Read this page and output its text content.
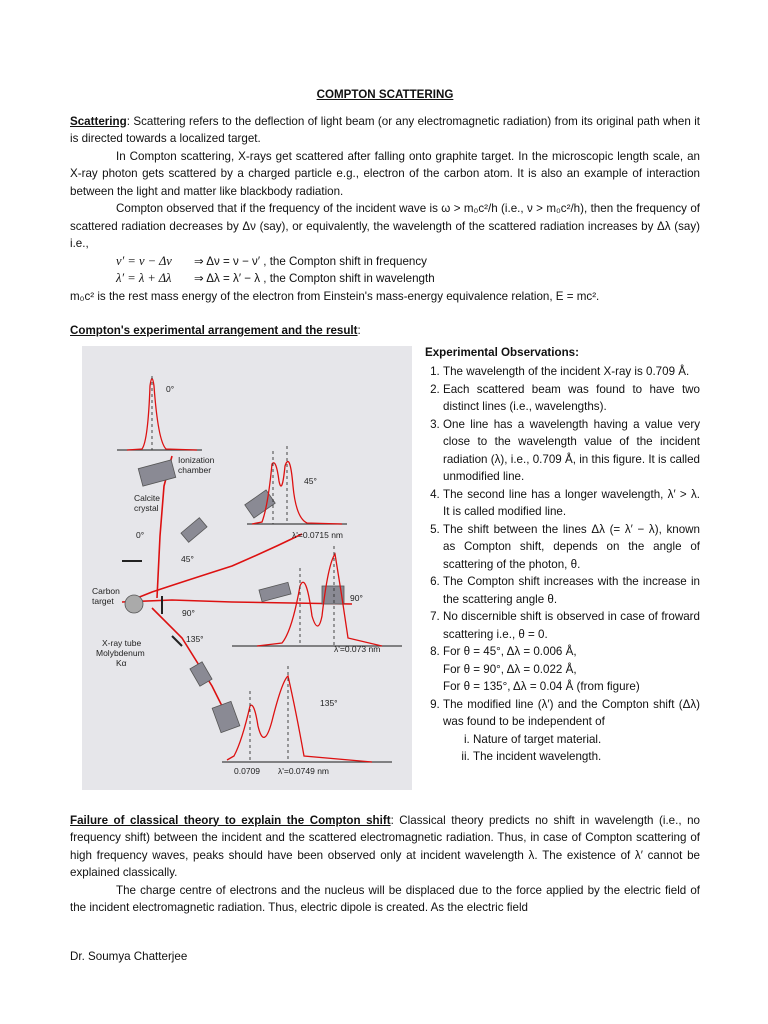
COMPTON SCATTERING

Scattering: Scattering refers to the deflection of light beam (or any electromagnetic radiation) from its original path when it is directed towards a localized target.

In Compton scattering, X-rays get scattered after falling onto graphite target. In the microscopic length scale, an X-ray photon gets scattered by a charged particle e.g., electron of the carbon atom. It is also an example of interaction between the light and matter like blackbody radiation.

Compton observed that if the frequency of the incident wave is ω > m₀c²/h (i.e., ν > m₀c²/h), then the frequency of scattered radiation decreases by Δν (say), or equivalently, the wavelength of the scattered radiation increases by Δλ (say) i.e.,

ν′ = ν − Δν	⇒ Δν = ν − ν′ , the Compton shift in frequency
λ′ = λ + Δλ	⇒ Δλ = λ′ − λ , the Compton shift in wavelength

m₀c² is the rest mass energy of the electron from Einstein's mass-energy equivalence relation, E = mc².

Compton's experimental arrangement and the result:

0°
Ionization
chamber
Calcite
crystal
0°
45°
45°
λ'=0.0715 nm
Carbon
target
90°
90°
λ'=0.073 nm
135°
X-ray tube
Molybdenum
Kα
135°
0.0709 λ'=0.0749 nm
Experimental Observations:
1. The wavelength of the incident X-ray is 0.709 Å.
2. Each scattered beam was found to have two distinct lines (i.e., wavelengths).
3. One line has a wavelength having a value very close to the wavelength value of the incident radiation (λ), i.e., 0.709 Å, in this figure. It is called unmodified line.
4. The second line has a longer wavelength, λ′ > λ. It is called modified line.
5. The shift between the lines Δλ (= λ′ − λ), known as Compton shift, depends on the angle of scattering of the photon, θ.
6. The Compton shift increases with the increase in the scattering angle θ.
7. No discernible shift is observed in case of froward scattering i.e., θ = 0.
8. For θ = 45°, Δλ = 0.006 Å,
For θ = 90°, Δλ = 0.022 Å,
For θ = 135°, Δλ = 0.04 Å (from figure)
9. The modified line (λ′) and the Compton shift (Δλ) was found to be independent of
i. Nature of target material.
ii. The incident wavelength.

Failure of classical theory to explain the Compton shift: Classical theory predicts no shift in wavelength (i.e., no frequency shift) between the incident and the scattered electromagnetic radiation. Thus, in case of Compton scattering of high frequency waves, peaks should have been observed only at incident wavelength λ. The existence of λ′ cannot be explained classically.

The charge centre of electrons and the nucleus will be displaced due to the force applied by the electric field of the incident electromagnetic radiation. Thus, electric dipole is created. As the electric field

Dr. Soumya Chatterjee
